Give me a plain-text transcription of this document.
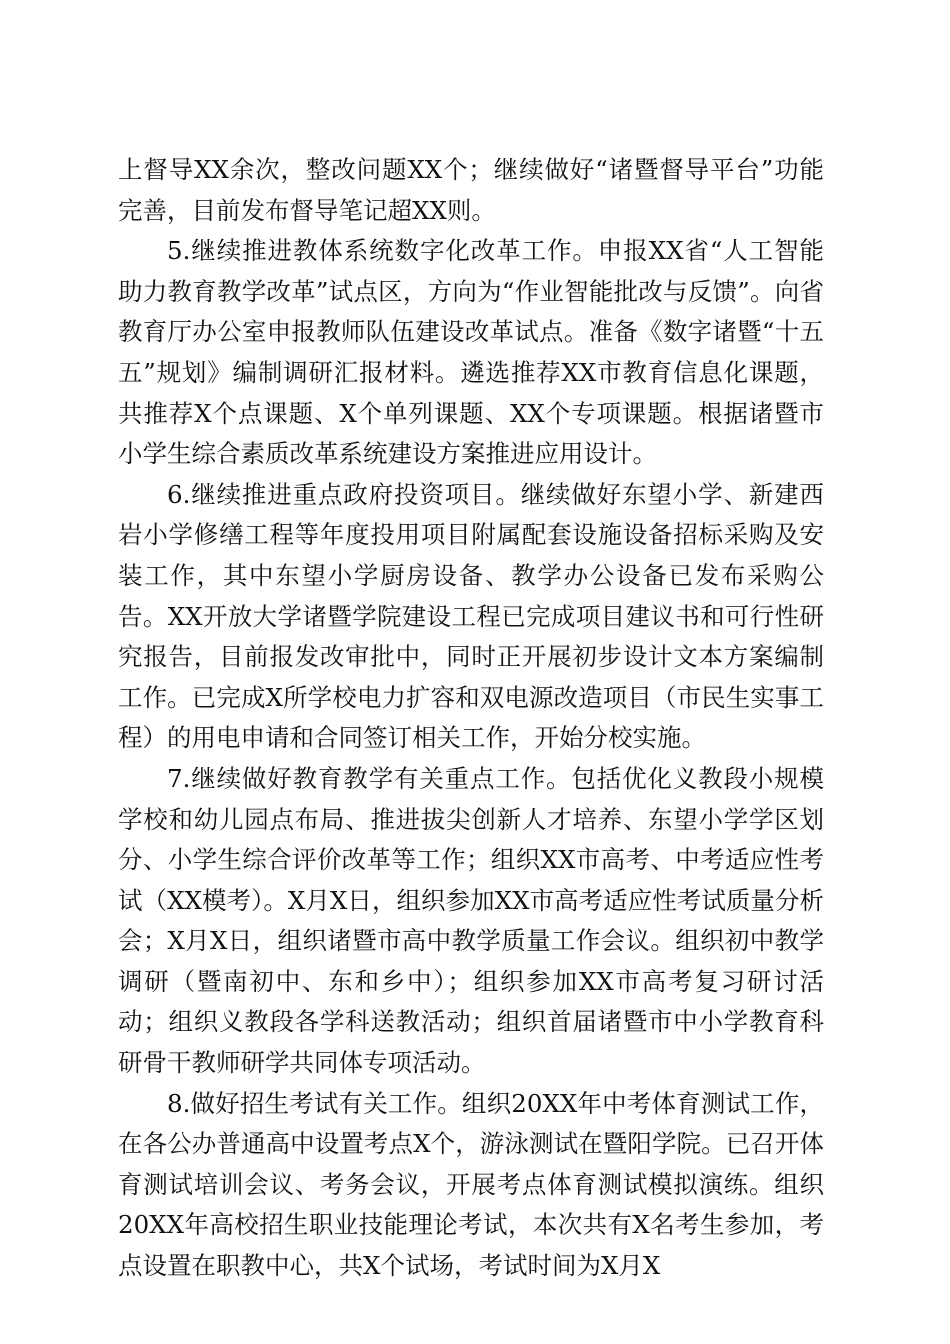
上督导XX余次，整改问题XX个；继续做好“诸暨督导平台”功能完善，目前发布督导笔记超XX则。

5.继续推进教体系统数字化改革工作。申报XX省“人工智能助力教育教学改革”试点区，方向为“作业智能批改与反馈”。向省教育厅办公室申报教师队伍建设改革试点。准备《数字诸暨“十五五”规划》编制调研汇报材料。遴选推荐XX市教育信息化课题，共推荐X个点课题、X个单列课题、XX个专项课题。根据诸暨市小学生综合素质改革系统建设方案推进应用设计。

6.继续推进重点政府投资项目。继续做好东望小学、新建西岩小学修缮工程等年度投用项目附属配套设施设备招标采购及安装工作，其中东望小学厨房设备、教学办公设备已发布采购公告。XX开放大学诸暨学院建设工程已完成项目建议书和可行性研究报告，目前报发改审批中，同时正开展初步设计文本方案编制工作。已完成X所学校电力扩容和双电源改造项目（市民生实事工程）的用电申请和合同签订相关工作，开始分校实施。

7.继续做好教育教学有关重点工作。包括优化义教段小规模学校和幼儿园点布局、推进拔尖创新人才培养、东望小学学区划分、小学生综合评价改革等工作；组织XX市高考、中考适应性考试（XX模考）。X月X日，组织参加XX市高考适应性考试质量分析会；X月X日，组织诸暨市高中教学质量工作会议。组织初中教学调研（暨南初中、东和乡中）；组织参加XX市高考复习研讨活动；组织义教段各学科送教活动；组织首届诸暨市中小学教育科研骨干教师研学共同体专项活动。

8.做好招生考试有关工作。组织20XX年中考体育测试工作，在各公办普通高中设置考点X个，游泳测试在暨阳学院。已召开体育测试培训会议、考务会议，开展考点体育测试模拟演练。组织20XX年高校招生职业技能理论考试，本次共有X名考生参加，考点设置在职教中心，共X个试场，考试时间为X月X
